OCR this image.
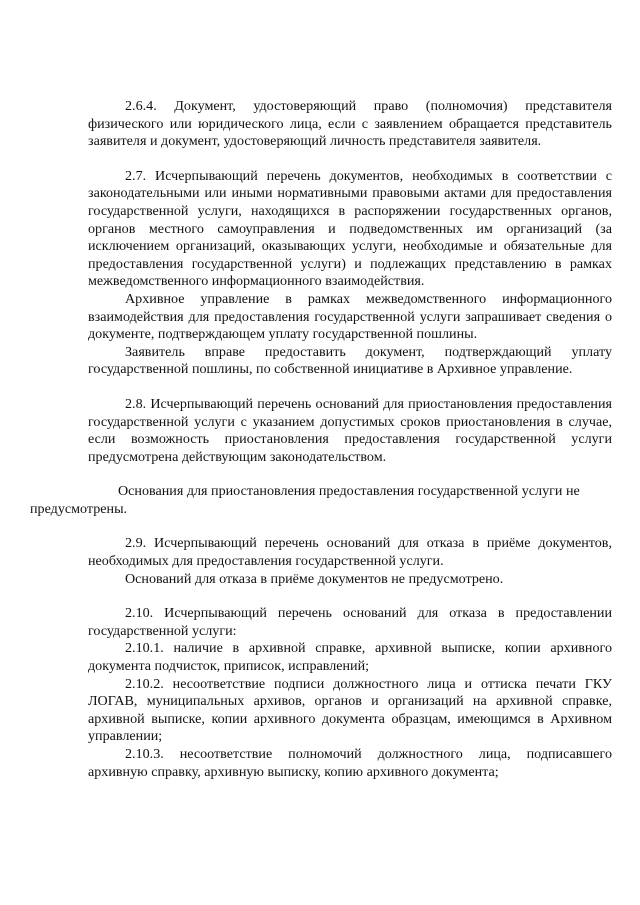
2.6.4. Документ, удостоверяющий право (полномочия) представителя физического или юридического лица, если с заявлением обращается представитель заявителя и документ, удостоверяющий личность представителя заявителя.

2.7. Исчерпывающий перечень документов, необходимых в соответствии с законодательными или иными нормативными правовыми актами для предоставления государственной услуги, находящихся в распоряжении государственных органов, органов местного самоуправления и подведомственных им организаций (за исключением организаций, оказывающих услуги, необходимые и обязательные для предоставления государственной услуги) и подлежащих представлению в рамках межведомственного информационного взаимодействия.

Архивное управление в рамках межведомственного информационного взаимодействия для предоставления государственной услуги запрашивает сведения о документе, подтверждающем уплату государственной пошлины.

Заявитель вправе предоставить документ, подтверждающий уплату государственной пошлины, по собственной инициативе в Архивное управление.

2.8. Исчерпывающий перечень оснований для приостановления предоставления государственной услуги с указанием допустимых сроков приостановления в случае, если возможность приостановления предоставления государственной услуги предусмотрена действующим законодательством.

Основания для приостановления предоставления государственной услуги не предусмотрены.

2.9. Исчерпывающий перечень оснований для отказа в приёме документов, необходимых для предоставления государственной услуги.

Оснований для отказа в приёме документов не предусмотрено.

2.10. Исчерпывающий перечень оснований для отказа в предоставлении государственной услуги:

2.10.1. наличие в архивной справке, архивной выписке, копии архивного документа подчисток, приписок, исправлений;

2.10.2. несоответствие подписи должностного лица и оттиска печати ГКУ ЛОГАВ, муниципальных архивов, органов и организаций на архивной справке, архивной выписке, копии архивного документа образцам, имеющимся в Архивном управлении;

2.10.3. несоответствие полномочий должностного лица, подписавшего архивную справку, архивную выписку, копию архивного документа;
